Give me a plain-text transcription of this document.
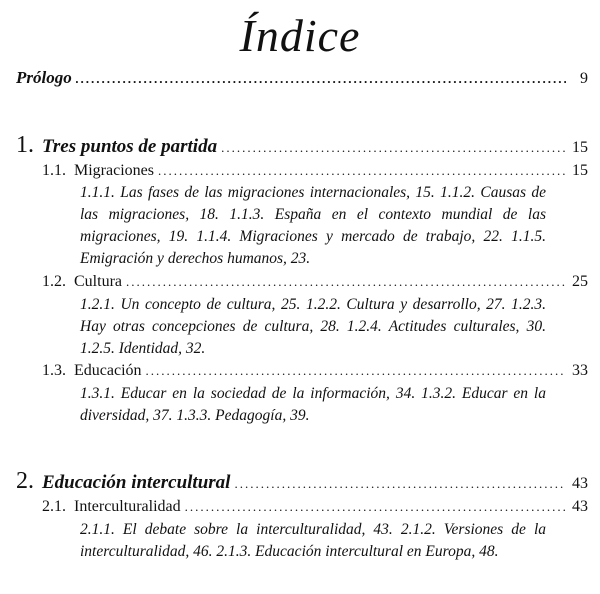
Índice
Prólogo .....	9
1. Tres puntos de partida .....	15
1.1. Migraciones .....	15
1.1.1. Las fases de las migraciones internacionales, 15. 1.1.2. Causas de las migraciones, 18. 1.1.3. España en el contexto mundial de las migraciones, 19. 1.1.4. Migraciones y mercado de trabajo, 22. 1.1.5. Emigración y derechos humanos, 23.
1.2. Cultura .....	25
1.2.1. Un concepto de cultura, 25. 1.2.2. Cultura y desarrollo, 27. 1.2.3. Hay otras concepciones de cultura, 28. 1.2.4. Actitudes culturales, 30. 1.2.5. Identidad, 32.
1.3. Educación .....	33
1.3.1. Educar en la sociedad de la información, 34. 1.3.2. Educar en la diversidad, 37. 1.3.3. Pedagogía, 39.
2. Educación intercultural .....	43
2.1. Interculturalidad .....	43
2.1.1. El debate sobre la interculturalidad, 43. 2.1.2. Versiones de la interculturalidad, 46. 2.1.3. Educación intercultural en Europa, 48.
